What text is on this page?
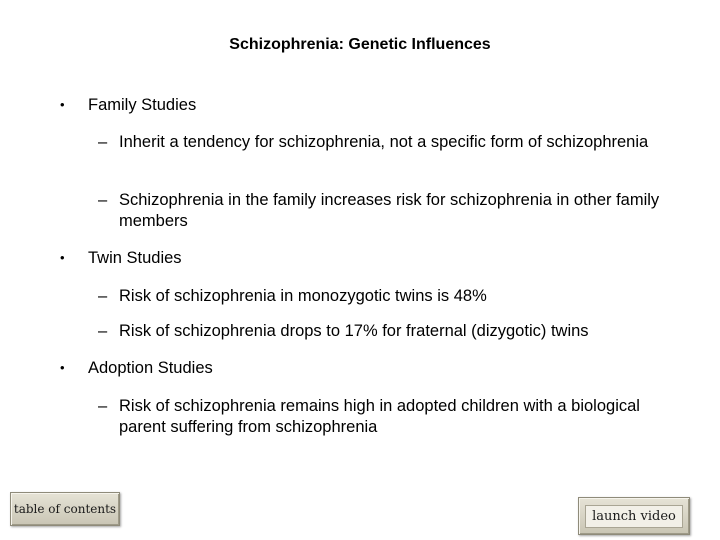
Schizophrenia: Genetic Influences
• Family Studies
– Inherit a tendency for schizophrenia, not a specific form of schizophrenia
– Schizophrenia in the family increases risk for schizophrenia in other family members
• Twin Studies
– Risk of schizophrenia in monozygotic twins is 48%
– Risk of schizophrenia drops to 17% for fraternal (dizygotic) twins
• Adoption Studies
– Risk of schizophrenia remains high in adopted children with a biological parent suffering from schizophrenia
table of contents	launch video
